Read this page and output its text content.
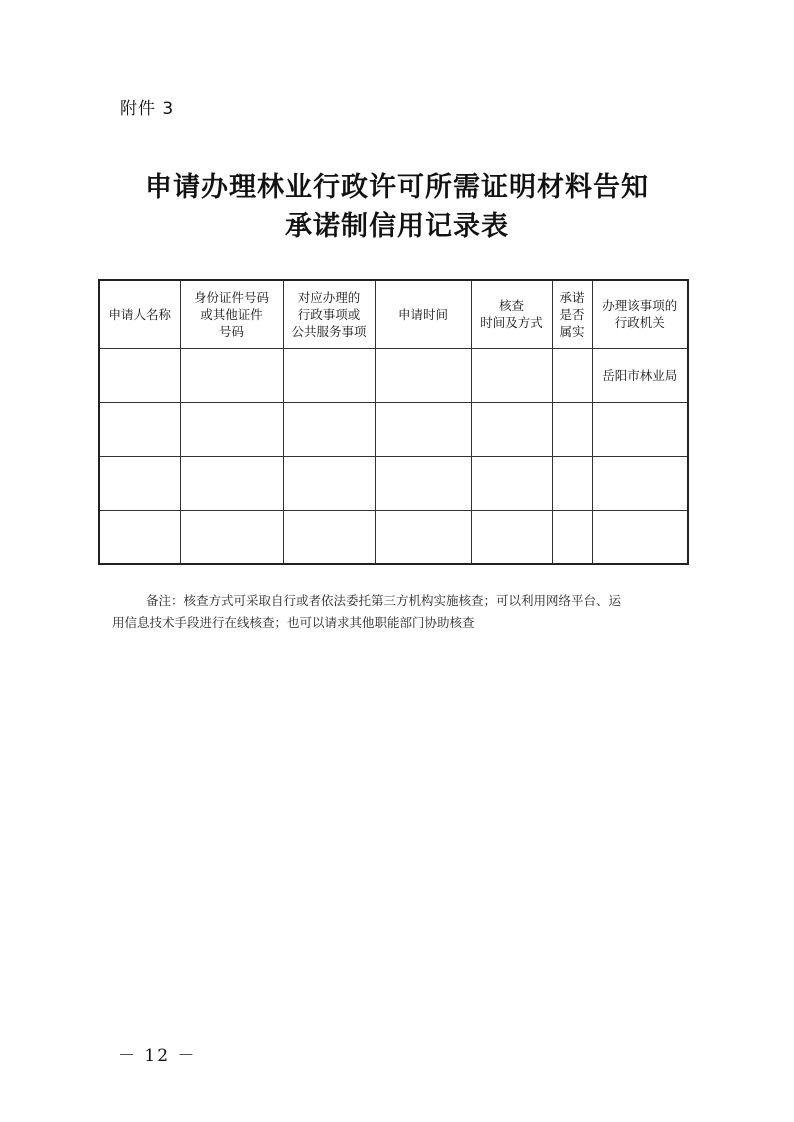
附件 3
申请办理林业行政许可所需证明材料告知
承诺制信用记录表
申请人名称	身份证件号码
或其他证件
号码	对应办理的
行政事项或
公共服务事项	申请时间	核查
时间及方式	承诺
是否
属实	办理该事项的
行政机关
						岳阳市林业局

备注：核查方式可采取自行或者依法委托第三方机构实施核查；可以利用网络平台、运
用信息技术手段进行在线核查；也可以请求其他职能部门协助核查
－ 12 －
